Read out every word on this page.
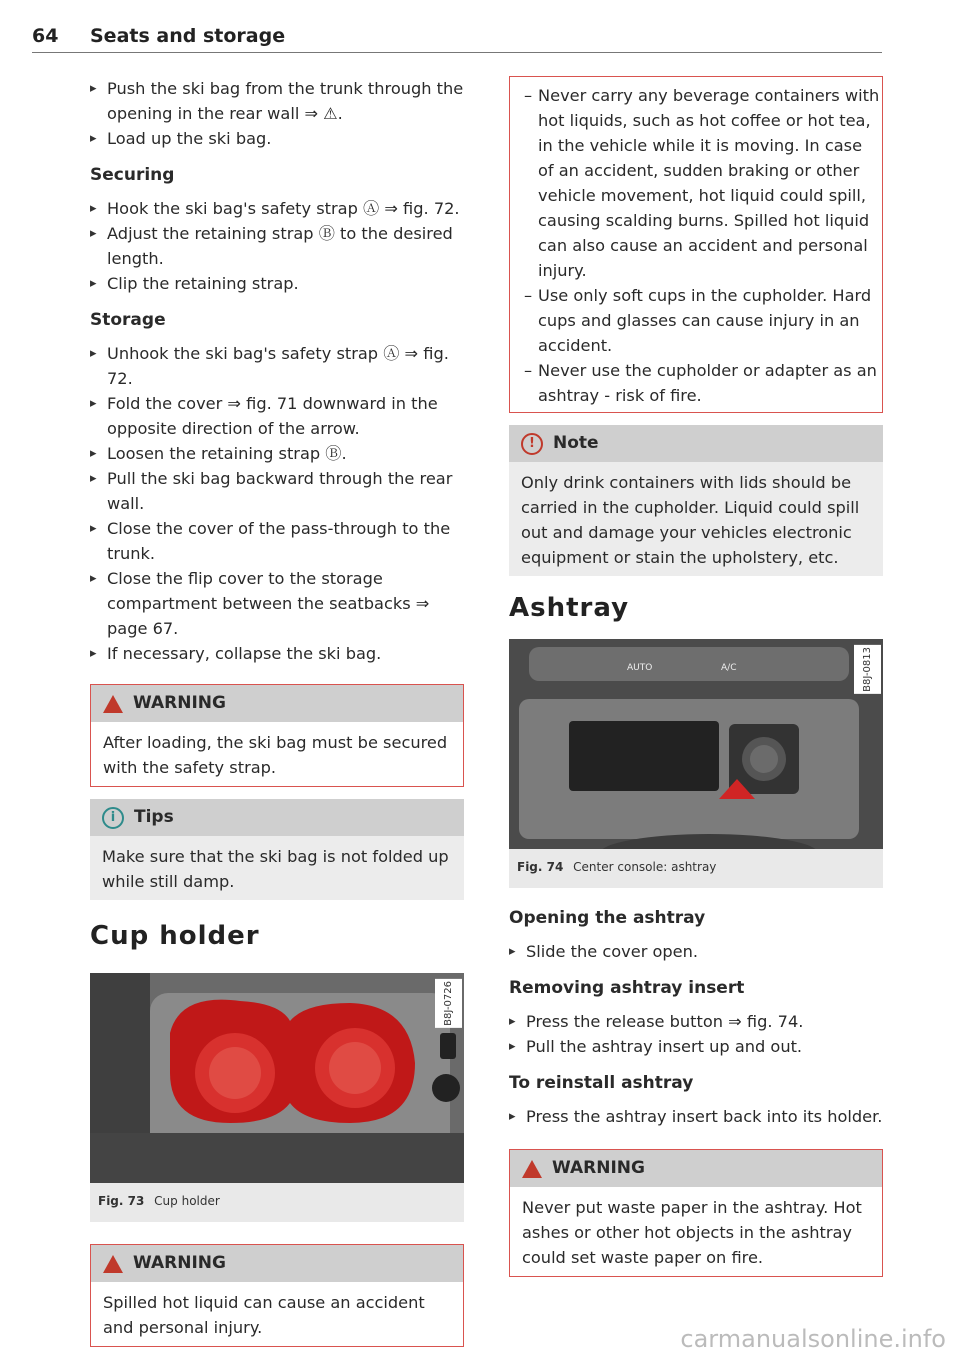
64 Seats and storage

▸ Push the ski bag from the trunk through the opening in the rear wall ⇒ ⚠.

▸ Load up the ski bag.

Securing

▸ Hook the ski bag's safety strap Ⓐ ⇒ fig. 72.

▸ Adjust the retaining strap Ⓑ to the desired length.

▸ Clip the retaining strap.

Storage

▸ Unhook the ski bag's safety strap Ⓐ ⇒ fig. 72.

▸ Fold the cover ⇒ fig. 71 downward in the opposite direction of the arrow.

▸ Loosen the retaining strap Ⓑ.

▸ Pull the ski bag backward through the rear wall.

▸ Close the cover of the pass-through to the trunk.

▸ Close the flip cover to the storage compartment between the seatbacks ⇒ page 67.

▸ If necessary, collapse the ski bag.

WARNING
After loading, the ski bag must be secured with the safety strap.
i	Tips
Make sure that the ski bag is not folded up while still damp.
Cup holder
B8J-0726
Fig. 73 Cup holder
WARNING
Spilled hot liquid can cause an accident and personal injury.

– Never carry any beverage containers with hot liquids, such as hot coffee or hot tea, in the vehicle while it is moving. In case of an accident, sudden braking or other vehicle movement, hot liquid could spill, causing scalding burns. Spilled hot liquid can also cause an accident and personal injury.

– Use only soft cups in the cupholder. Hard cups and glasses can cause injury in an accident.

– Never use the cupholder or adapter as an ashtray - risk of fire.

!	Note
Only drink containers with lids should be carried in the cupholder. Liquid could spill out and damage your vehicles electronic equipment or stain the upholstery, etc.
Ashtray
AUTO	A/C	B8J-0813
Fig. 74 Center console: ashtray
Opening the ashtray

▸ Slide the cover open.

Removing ashtray insert

▸ Press the release button ⇒ fig. 74.

▸ Pull the ashtray insert up and out.

To reinstall ashtray

▸ Press the ashtray insert back into its holder.

WARNING
Never put waste paper in the ashtray. Hot ashes or other hot objects in the ashtray could set waste paper on fire.
carmanualsonline.info
